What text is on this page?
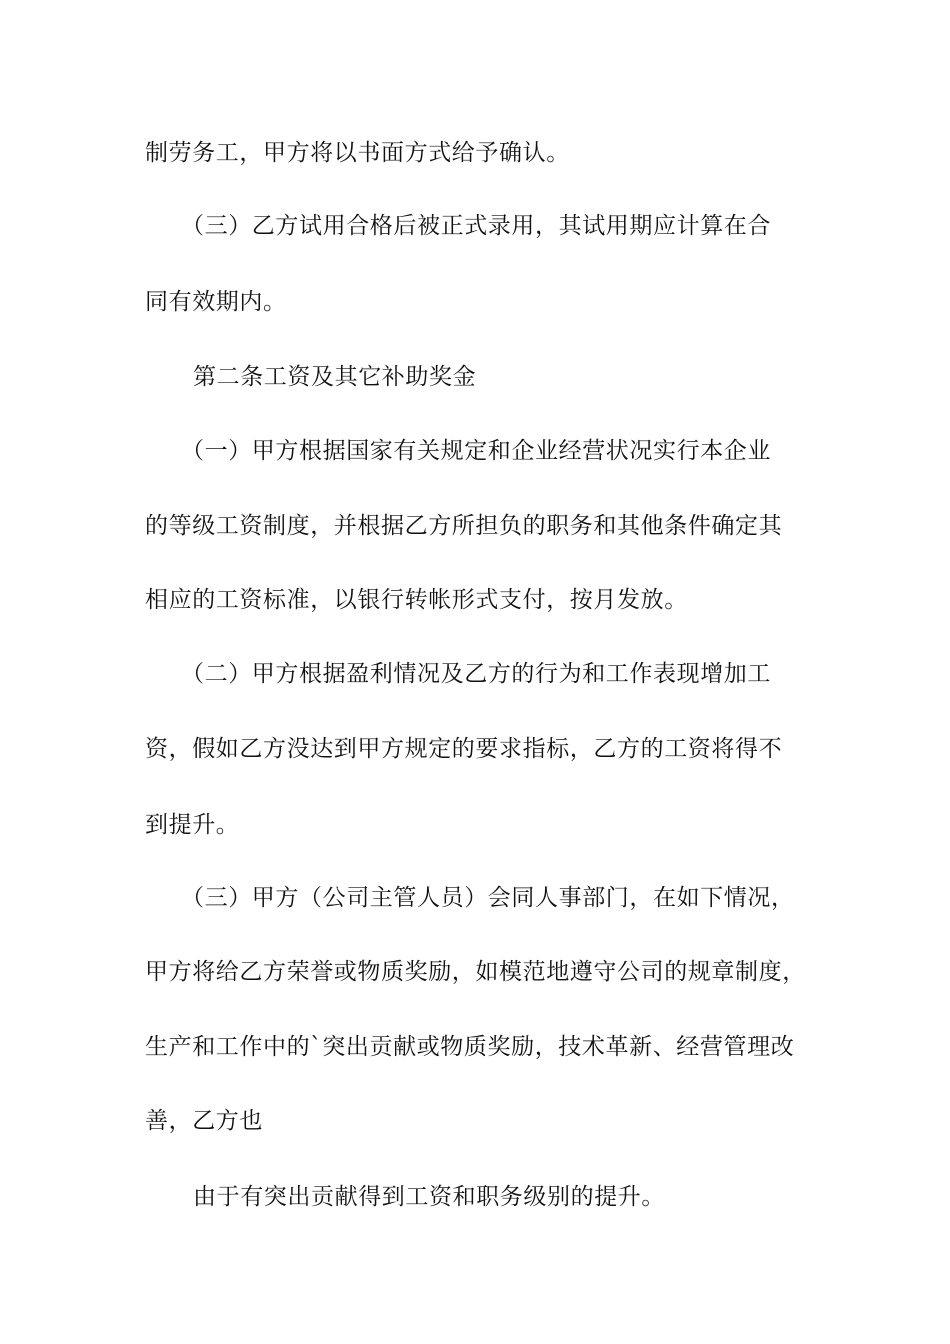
制劳务工，甲方将以书面方式给予确认。
（三）乙方试用合格后被正式录用，其试用期应计算在合
同有效期内。
第二条工资及其它补助奖金
（一）甲方根据国家有关规定和企业经营状况实行本企业
的等级工资制度，并根据乙方所担负的职务和其他条件确定其
相应的工资标准，以银行转帐形式支付，按月发放。
（二）甲方根据盈利情况及乙方的行为和工作表现增加工
资，假如乙方没达到甲方规定的要求指标，乙方的工资将得不
到提升。
（三）甲方（公司主管人员）会同人事部门，在如下情况，
甲方将给乙方荣誉或物质奖励，如模范地遵守公司的规章制度，
生产和工作中的`突出贡献或物质奖励，技术革新、经营管理改
善，乙方也
由于有突出贡献得到工资和职务级别的提升。
